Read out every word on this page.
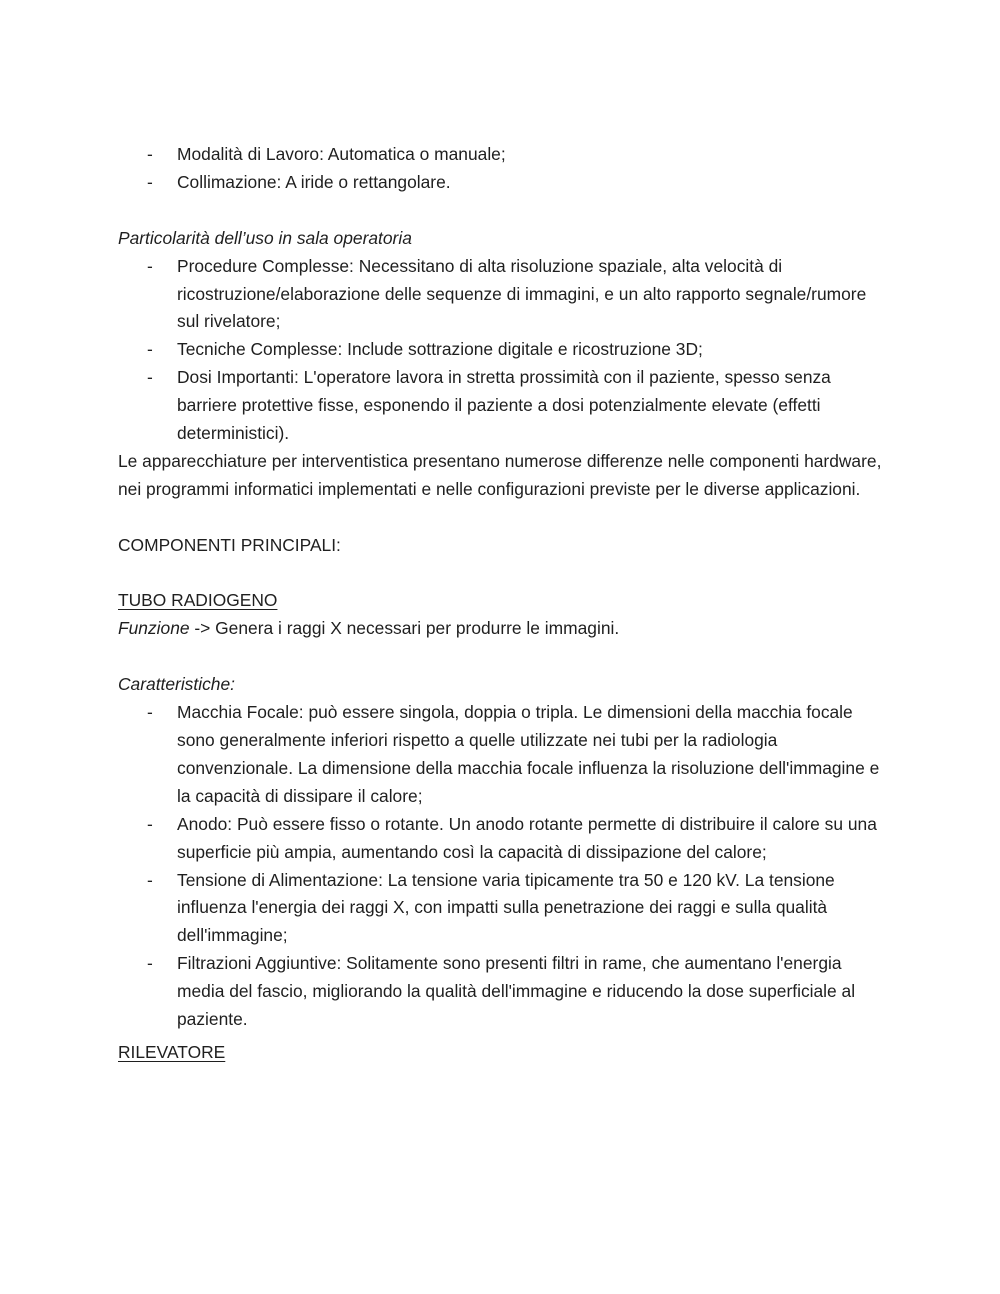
- Modalità di Lavoro: Automatica o manuale;
- Collimazione: A iride o rettangolare.

Particolarità dell’uso in sala operatoria

- Procedure Complesse: Necessitano di alta risoluzione spaziale, alta velocità di ricostruzione/elaborazione delle sequenze di immagini, e un alto rapporto segnale/rumore sul rivelatore;
- Tecniche Complesse: Include sottrazione digitale e ricostruzione 3D;
- Dosi Importanti: L'operatore lavora in stretta prossimità con il paziente, spesso senza barriere protettive fisse, esponendo il paziente a dosi potenzialmente elevate (effetti deterministici).

Le apparecchiature per interventistica presentano numerose differenze nelle componenti hardware, nei programmi informatici implementati e nelle configurazioni previste per le diverse applicazioni.

COMPONENTI PRINCIPALI:

TUBO RADIOGENO

Funzione -> Genera i raggi X necessari per produrre le immagini.

Caratteristiche:

- Macchia Focale: può essere singola, doppia o tripla. Le dimensioni della macchia focale sono generalmente inferiori rispetto a quelle utilizzate nei tubi per la radiologia convenzionale. La dimensione della macchia focale influenza la risoluzione dell'immagine e la capacità di dissipare il calore;
- Anodo: Può essere fisso o rotante. Un anodo rotante permette di distribuire il calore su una superficie più ampia, aumentando così la capacità di dissipazione del calore;
- Tensione di Alimentazione: La tensione varia tipicamente tra 50 e 120 kV. La tensione influenza l'energia dei raggi X, con impatti sulla penetrazione dei raggi e sulla qualità dell'immagine;
- Filtrazioni Aggiuntive: Solitamente sono presenti filtri in rame, che aumentano l'energia media del fascio, migliorando la qualità dell'immagine e riducendo la dose superficiale al paziente.

RILEVATORE
